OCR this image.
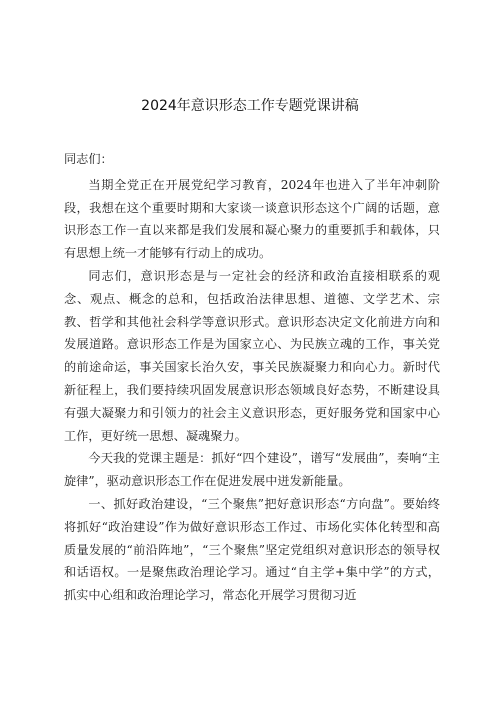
2024年意识形态工作专题党课讲稿

同志们：

当期全党正在开展党纪学习教育，2024年也进入了半年冲刺阶段，我想在这个重要时期和大家谈一谈意识形态这个广阔的话题，意识形态工作一直以来都是我们发展和凝心聚力的重要抓手和载体，只有思想上统一才能够有行动上的成功。

同志们，意识形态是与一定社会的经济和政治直接相联系的观念、观点、概念的总和，包括政治法律思想、道德、文学艺术、宗教、哲学和其他社会科学等意识形式。意识形态决定文化前进方向和发展道路。意识形态工作是为国家立心、为民族立魂的工作，事关党的前途命运，事关国家长治久安，事关民族凝聚力和向心力。新时代新征程上，我们要持续巩固发展意识形态领域良好态势，不断建设具有强大凝聚力和引领力的社会主义意识形态，更好服务党和国家中心工作，更好统一思想、凝魂聚力。

今天我的党课主题是：抓好“四个建设”，谱写“发展曲”，奏响“主旋律”，驱动意识形态工作在促进发展中迸发新能量。

一、抓好政治建设，“三个聚焦”把好意识形态“方向盘”。要始终将抓好“政治建设”作为做好意识形态工作过、市场化实体化转型和高质量发展的“前沿阵地”，“三个聚焦”坚定党组织对意识形态的领导权和话语权。一是聚焦政治理论学习。通过“自主学+集中学”的方式，抓实中心组和政治理论学习，常态化开展学习贯彻习近
